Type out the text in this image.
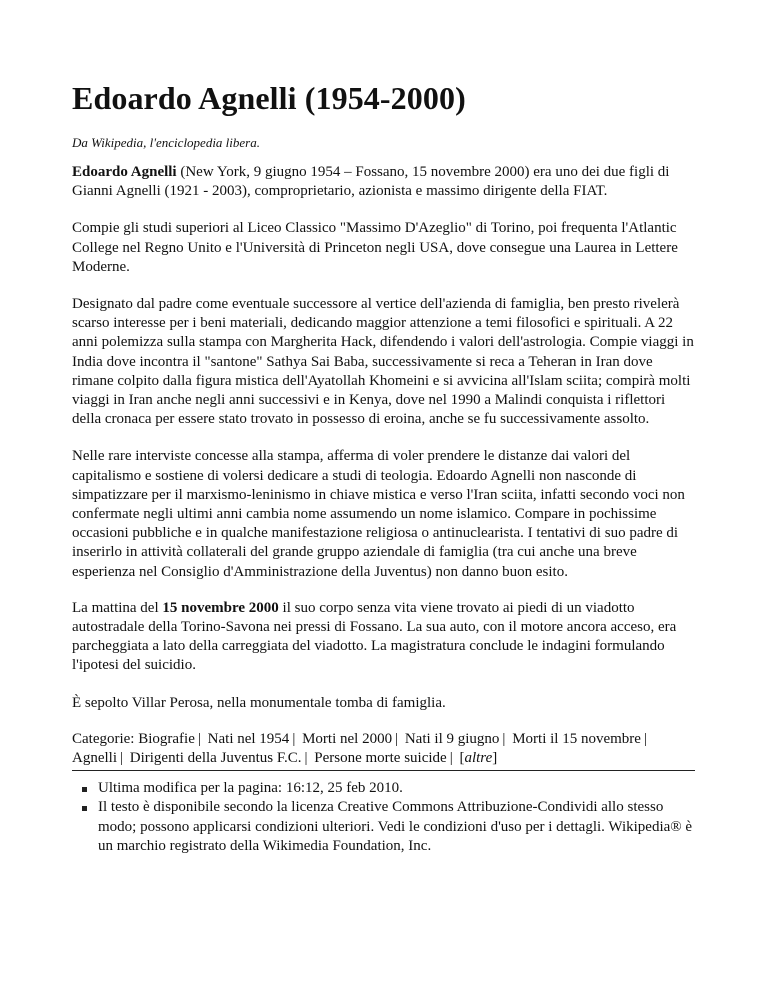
Edoardo Agnelli (1954-2000)
Da Wikipedia, l'enciclopedia libera.

Edoardo Agnelli (New York, 9 giugno 1954 – Fossano, 15 novembre 2000) era uno dei due figli di Gianni Agnelli (1921 - 2003), comproprietario, azionista e massimo dirigente della FIAT.

Compie gli studi superiori al Liceo Classico "Massimo D'Azeglio" di Torino, poi frequenta l'Atlantic College nel Regno Unito e l'Università di Princeton negli USA, dove consegue una Laurea in Lettere Moderne.

Designato dal padre come eventuale successore al vertice dell'azienda di famiglia, ben presto rivelerà scarso interesse per i beni materiali, dedicando maggior attenzione a temi filosofici e spirituali. A 22 anni polemizza sulla stampa con Margherita Hack, difendendo i valori dell'astrologia. Compie viaggi in India dove incontra il "santone" Sathya Sai Baba, successivamente si reca a Teheran in Iran dove rimane colpito dalla figura mistica dell'Ayatollah Khomeini e si avvicina all'Islam sciita; compirà molti viaggi in Iran anche negli anni successivi e in Kenya, dove nel 1990 a Malindi conquista i riflettori della cronaca per essere stato trovato in possesso di eroina, anche se fu successivamente assolto.

Nelle rare interviste concesse alla stampa, afferma di voler prendere le distanze dai valori del capitalismo e sostiene di volersi dedicare a studi di teologia. Edoardo Agnelli non nasconde di simpatizzare per il marxismo-leninismo in chiave mistica e verso l'Iran sciita, infatti secondo voci non confermate negli ultimi anni cambia nome assumendo un nome islamico. Compare in pochissime occasioni pubbliche e in qualche manifestazione religiosa o antinuclearista. I tentativi di suo padre di inserirlo in attività collaterali del grande gruppo aziendale di famiglia (tra cui anche una breve esperienza nel Consiglio d'Amministrazione della Juventus) non danno buon esito.

La mattina del 15 novembre 2000 il suo corpo senza vita viene trovato ai piedi di un viadotto autostradale della Torino-Savona nei pressi di Fossano. La sua auto, con il motore ancora acceso, era parcheggiata a lato della carreggiata del viadotto. La magistratura conclude le indagini formulando l'ipotesi del suicidio.

È sepolto Villar Perosa, nella monumentale tomba di famiglia.

Categorie: Biografie | Nati nel 1954 | Morti nel 2000 | Nati il 9 giugno | Morti il 15 novembre | Agnelli | Dirigenti della Juventus F.C. | Persone morte suicide | [altre]
Ultima modifica per la pagina: 16:12, 25 feb 2010.
Il testo è disponibile secondo la licenza Creative Commons Attribuzione-Condividi allo stesso modo; possono applicarsi condizioni ulteriori. Vedi le condizioni d'uso per i dettagli. Wikipedia® è un marchio registrato della Wikimedia Foundation, Inc.
